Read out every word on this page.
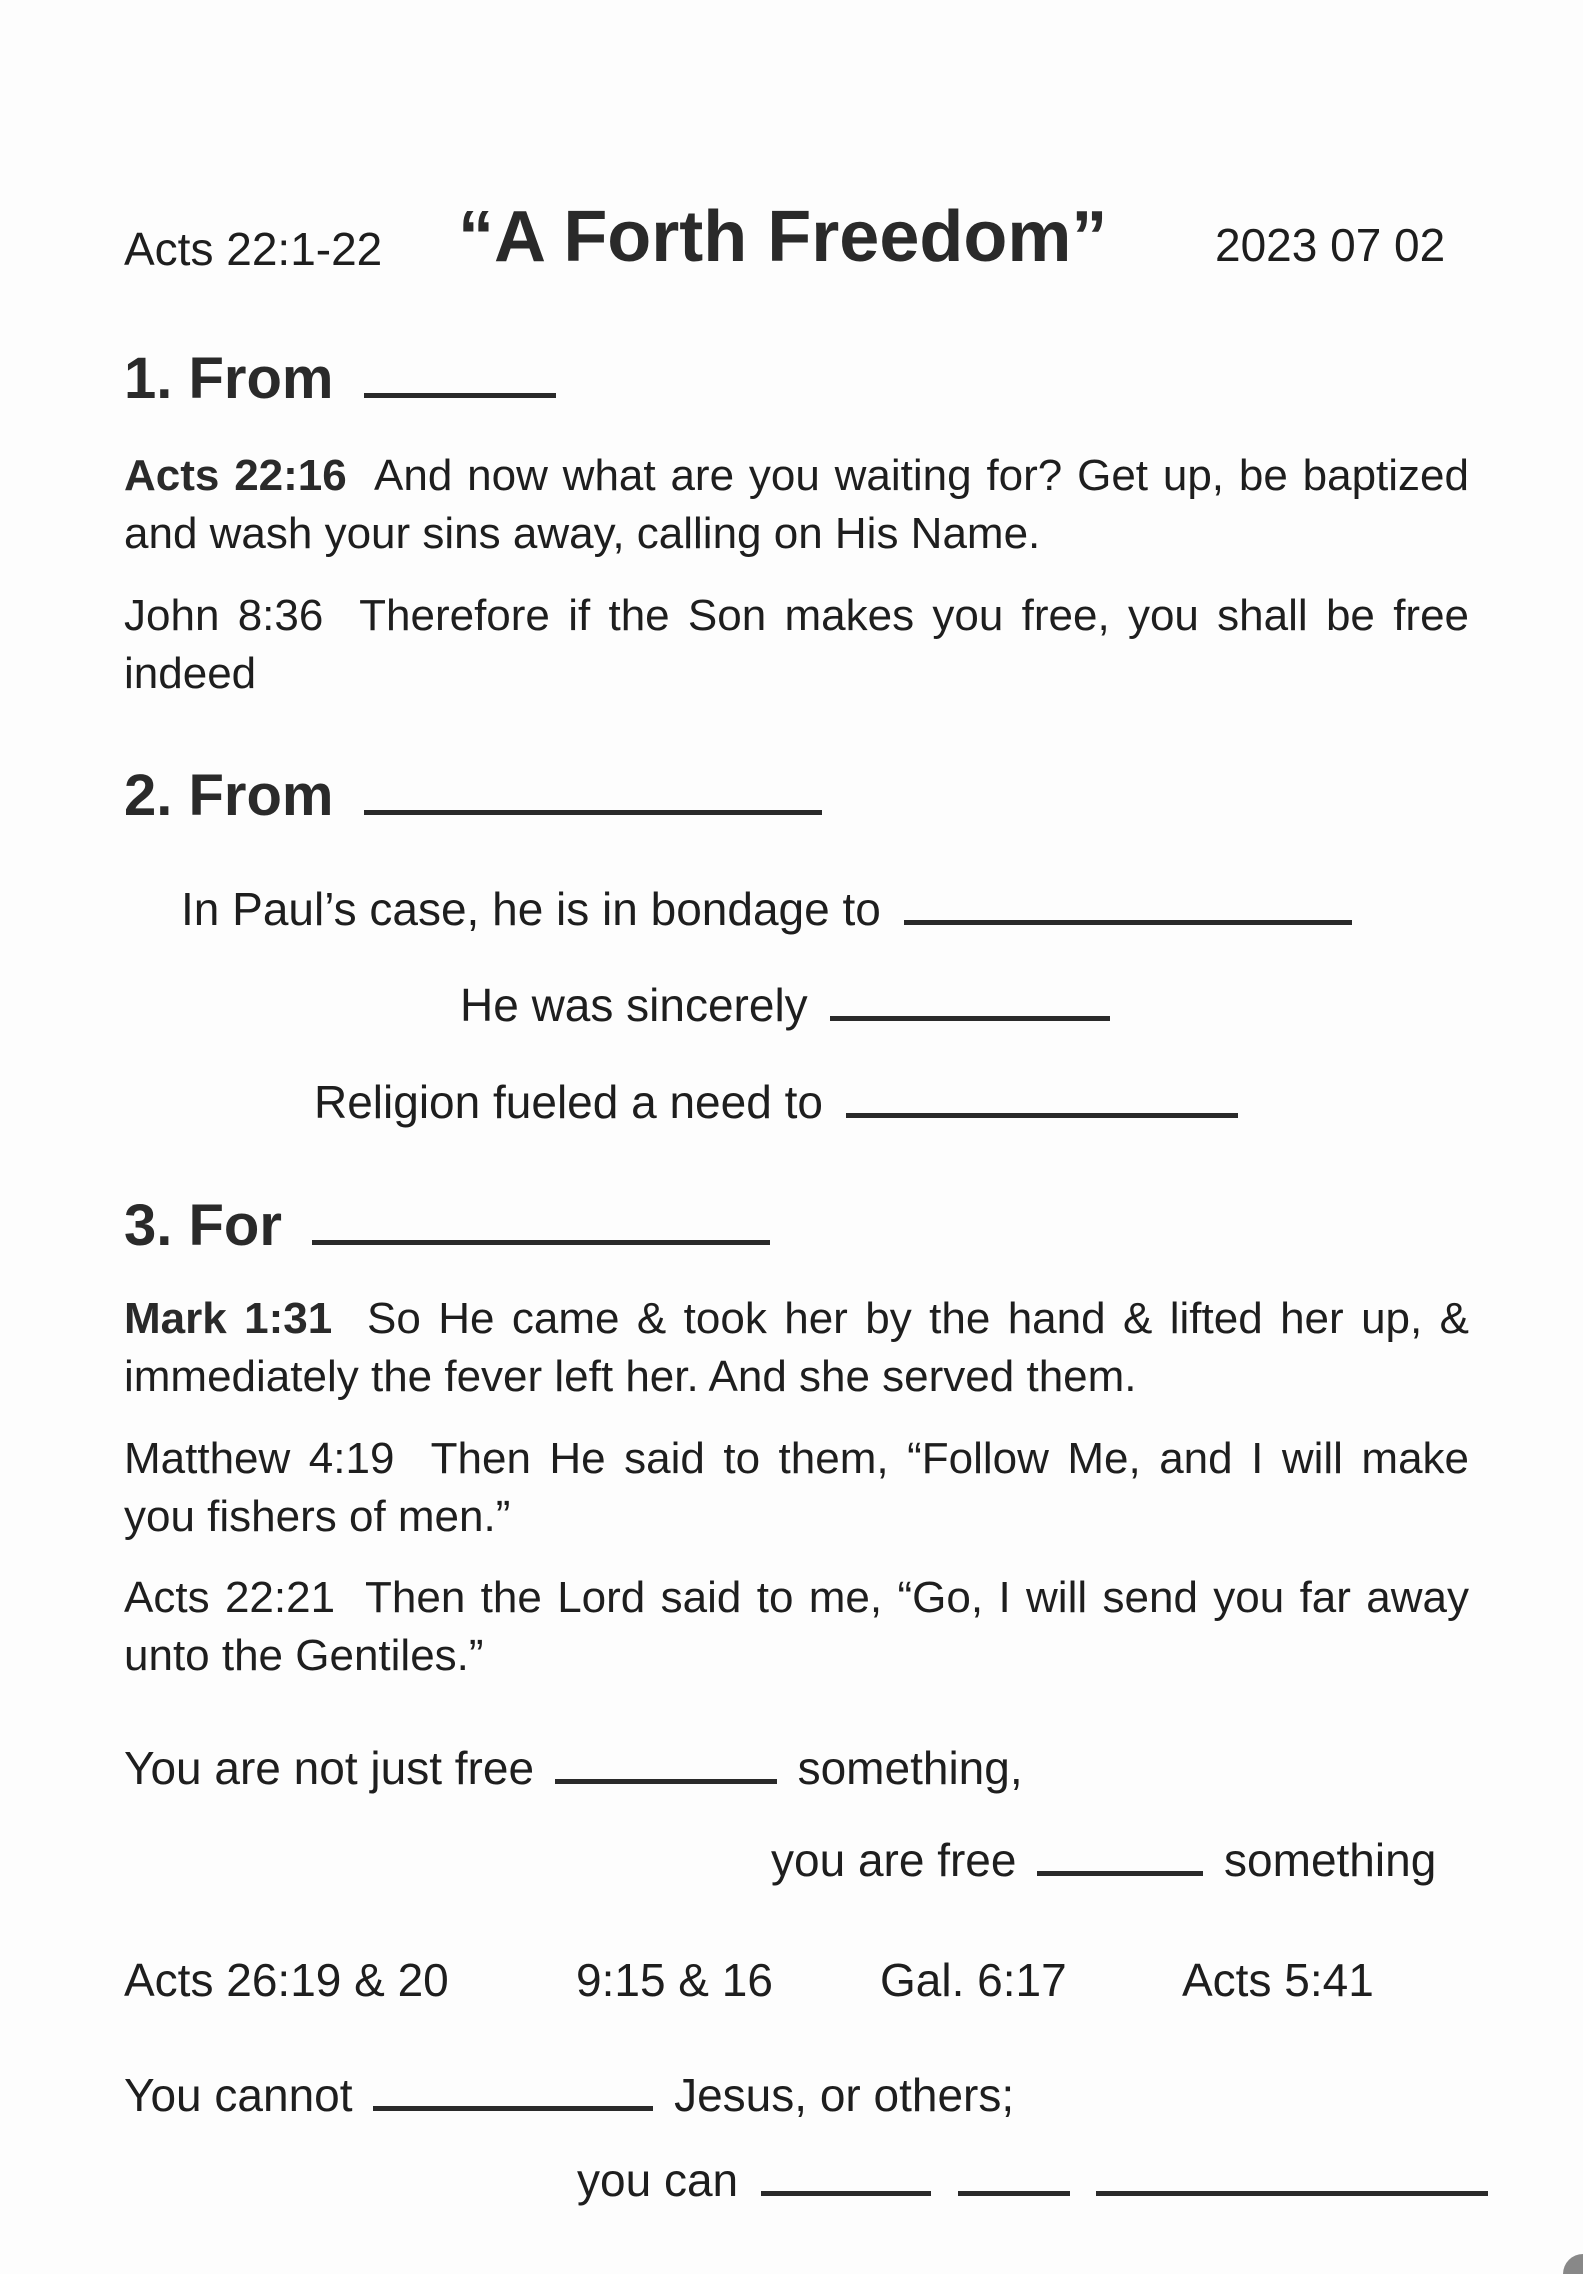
Acts 22:1-22 “A Forth Freedom” 2023 07 02
1. From
Acts 22:16 And now what are you waiting for? Get up, be baptized and wash your sins away, calling on His Name.
John 8:36 Therefore if the Son makes you free, you shall be free indeed
2. From
In Paul’s case, he is in bondage to
He was sincerely
Religion fueled a need to
3. For
Mark 1:31 So He came & took her by the hand & lifted her up, & immediately the fever left her. And she served them.
Matthew 4:19 Then He said to them, “Follow Me, and I will make you fishers of men.”
Acts 22:21 Then the Lord said to me, “Go, I will send you far away unto the Gentiles.”
You are not just free	something,
you are free	something
Acts 26:19 & 20	9:15 & 16 Gal. 6:17	Acts 5:41
You cannot	Jesus, or others;
you can
